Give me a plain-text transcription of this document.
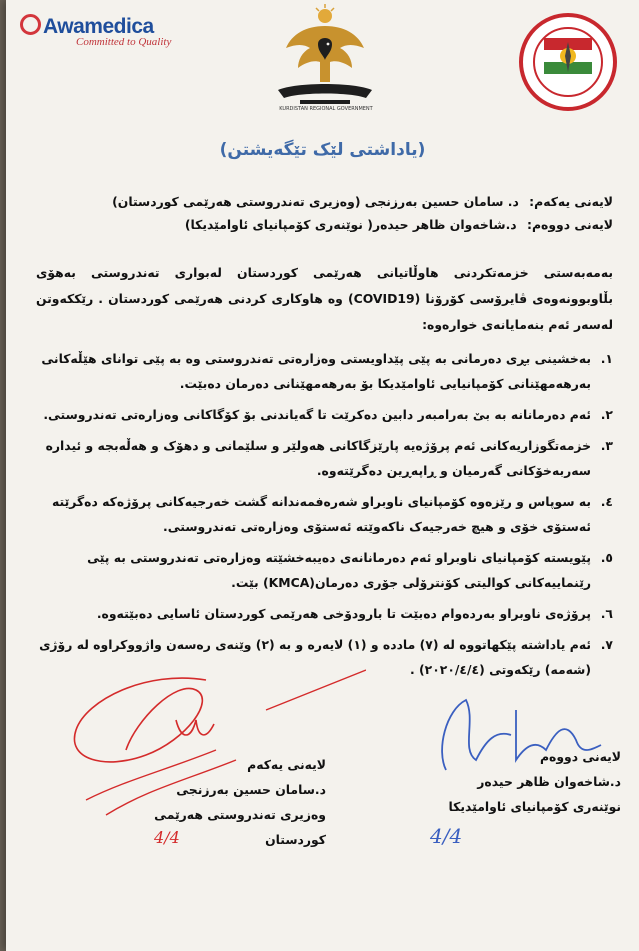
Awamedica
Committed to Quality
KURDISTAN REGIONAL GOVERNMENT
(یاداشتی لێک تێگەیشتن)
لایەنی یەکەم: د. سامان حسین بەرزنجی (وەزیری تەندروستی هەرێمی کوردستان)
لایەنی دووەم: د.شاخەوان ظاهر حیدەر( نوێنەری کۆمپانیای ئاوامێدیکا)
بەمەبەستی خزمەتکردنی هاوڵاتیانی هەرێمی کوردستان لەبواری تەندروستی بەهۆی بڵاوبوونەوەی ڤایرۆسی کۆرۆنا (COVID19) وە هاوکاری کردنی هەرێمی کوردستان . رێککەوتن لەسەر ئەم بنەمایانەی خوارەوە:
١.
بەخشینی بڕی دەرمانی بە پێی پێداویستی وەزارەتی تەندروستی وە بە پێی توانای هێڵەکانی بەرهەمهێنانی کۆمپانیایی ئاوامێدیکا بۆ بەرهەمهێنانی دەرمان دەبێت.
٢.
ئەم دەرمانانە بە بێ بەرامبەر دابین دەکرێت تا گەیاندنی بۆ کۆگاکانی وەزارەتی تەندروستی.
٣.
خزمەتگوزاریەکانی ئەم پرۆژەیە پارێزگاکانی هەولێر و سلێمانی و دهۆک و هەڵەبجە و ئیدارە سەربەخۆکانی گەرمیان و ڕاپەڕین دەگرێتەوە.
٤.
بە سوپاس و رێزەوە کۆمپانیای ناوبراو شەرەفمەندانە گشت خەرجیەکانی پرۆژەکە دەگرێتە ئەستۆی خۆی و هیچ خەرجیەک ناکەوێتە ئەستۆی وەزارەتی تەندروستی.
٥.
پێویستە کۆمپانیای ناوبراو ئەم دەرمانانەی دەیبەخشێتە وەزارەتی تەندروستی بە پێی رێنماییەکانی کوالیتی کۆنترۆلی جۆری دەرمان(KMCA) بێت.
٦.
پرۆژەی ناوبراو بەردەوام دەبێت تا بارودۆخی هەرێمی کوردستان ئاسایی دەبێتەوە.
٧.
ئەم یاداشتە پێکهاتووە لە (٧) ماددە و (١) لایەرە و بە (٢) وێنەی رەسەن واژووکراوە لە رۆژی (شەمە) رێکەوتی (٢٠٢٠/٤/٤) .
لایەنی یەکەم
د.سامان حسین بەرزنجی
وەزیری تەندروستی هەرێمی کوردستان
4/4
لایەنی دووەم
د.شاخەوان ظاهر حیدەر
نوێنەری کۆمپانیای ئاوامێدیکا
4/4
